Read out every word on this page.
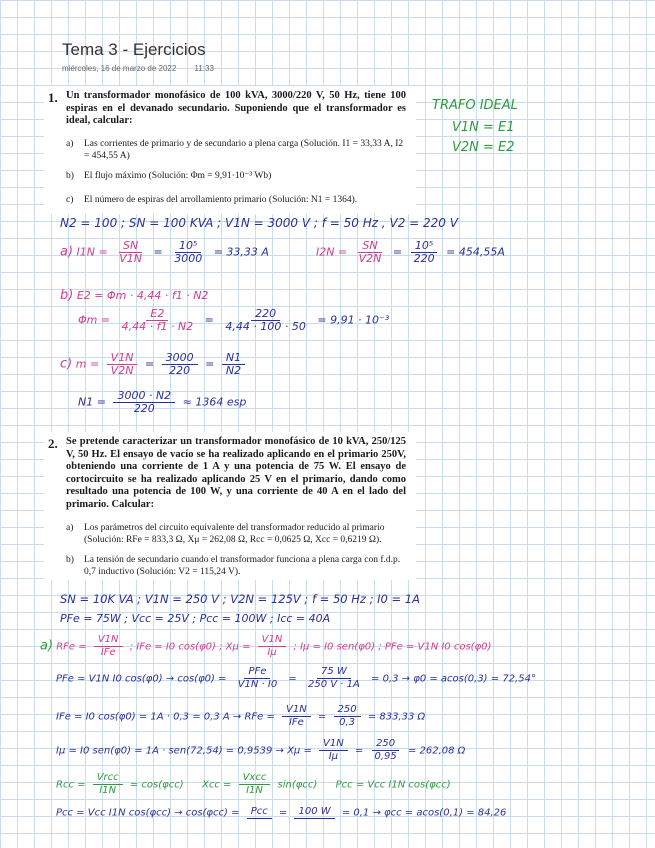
Tema 3 - Ejercicios
miércoles, 16 de marzo de 2022 11:33
1. Un transformador monofásico de 100 kVA, 3000/220 V, 50 Hz, tiene 100 espiras en el devanado secundario. Suponiendo que el transformador es ideal, calcular:
a) Las corrientes de primario y de secundario a plena carga (Solución. I1 = 33,33 A, I2 = 454,55 A)
b) El flujo máximo (Solución: Φm = 9,91·10⁻³ Wb)
c) El número de espiras del arrollamiento primario (Solución: N1 = 1364).
TRAFO IDEAL
V1N = E1
V2N = E2
N2 = 100 ; SN = 100 KVA ; V1N = 3000 V ; f = 50 Hz , V2 = 220 V
a) $I1N = \frac{SN}{V1N} = \frac{\text{10⁵}}{3000} = 33,33$ A	$I2N = \frac{SN}{V2N} = \frac{\text{10⁵}}{220} = 454,55A$
b) E2 = Φm · 4,44 · f1 · N2
$\Phi m = \frac{E2}{4,44 \cdot f1 \cdot N2} = \frac{220}{4,44 \cdot 100 \cdot 50} = 9,91 \cdot 10^{-3}$
c) $m = \frac{V1N}{V2N} = \frac{3000}{220} = \frac{N1}{N2}$
$N1 = \frac{3000 \cdot N2}{220} \approx 1364$ esp
2. Se pretende caracterizar un transformador monofásico de 10 kVA, 250/125 V, 50 Hz. El ensayo de vacío se ha realizado aplicando en el primario 250V, obteniendo una corriente de 1 A y una potencia de 75 W. El ensayo de cortocircuito se ha realizado aplicando 25 V en el primario, dando como resultado una potencia de 100 W, y una corriente de 40 A en el lado del primario. Calcular:
a) Los parámetros del circuito equivalente del transformador reducido al primario (Solución: RFe = 833,3 Ω, Xμ = 262,08 Ω, Rcc = 0,0625 Ω, Xcc = 0,6219 Ω).
b) La tensión de secundario cuando el transformador funciona a plena carga con f.d.p. 0,7 inductivo (Solución: V2 = 115,24 V).
SN = 10K VA ; V1N = 250 V ; V2N = 125V ; f = 50 Hz ; I0 = 1A
PFe = 75W ; Vcc = 25V ; Pcc = 100W ; Icc = 40A
a) RFe = $\frac{V1N}{\text{IFe}}$ ; IFe = I0 cos(φ0) ; $X\mu = \frac{V1N}{I\mu}$ ; Iμ = I0 sen(φ0) ; PFe = V1N I0 cos(φ0)
PFe = V1N I0 $\cos(\varphi 0) \to \cos(\varphi 0) = \frac{\text{PFe}}{V1N \cdot I0} = \frac{75 W}{250 V \cdot 1A} = 0,3 \to \varphi 0 = acos(0,3) = 72,54^\circ$
IFe = I0 cos(φ0) = 1A · 0,3 = 0,3 A → RFe = $\frac{V1N}{\text{IFe}} = \frac{250}{0,3} = 833,33$ Ω
Iμ = I0 $sen(\varphi 0) = 1A \cdot sen(72,54) = 0,9539 \to X\mu = \frac{V1N}{I\mu} = \frac{250}{0,95} = 262,08$ Ω
Rcc = $\frac{\text{Vrcc}}{I1N} = \cos(\varphi cc)$ Xcc = $\frac{\text{Vxcc}}{I1N} \sin(\varphi cc)$ Pcc = Vcc I1N cos(φcc)
Pcc = Vcc I1N cos(φcc) → cos(φcc) =	Pcc	=	100 W	= 0,1 → φcc = acos(0,1) = 84,26
